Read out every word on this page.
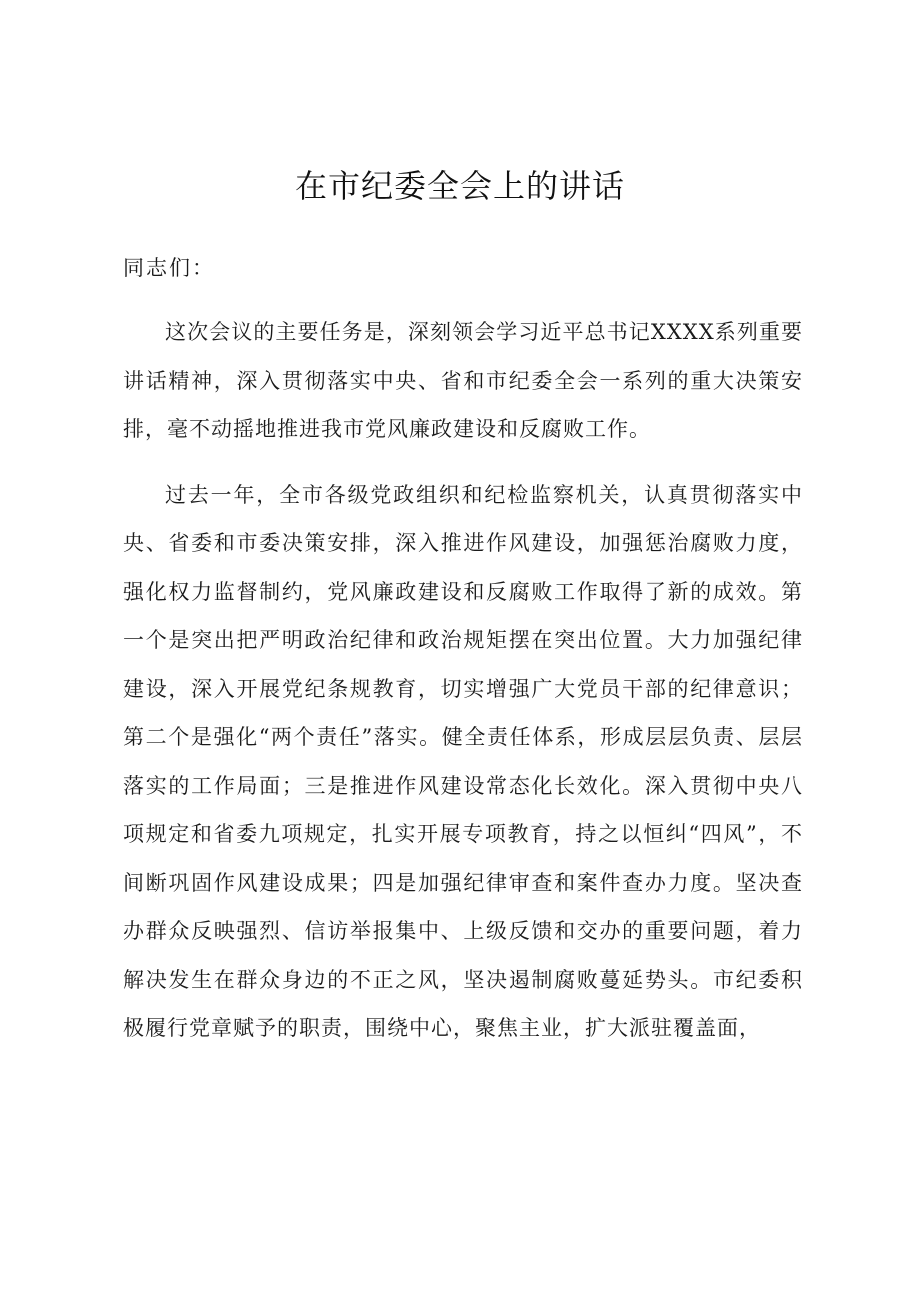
在市纪委全会上的讲话
同志们：

这次会议的主要任务是，深刻领会学习近平总书记XXXX系列重要讲话精神，深入贯彻落实中央、省和市纪委全会一系列的重大决策安排，毫不动摇地推进我市党风廉政建设和反腐败工作。

过去一年，全市各级党政组织和纪检监察机关，认真贯彻落实中央、省委和市委决策安排，深入推进作风建设，加强惩治腐败力度，强化权力监督制约，党风廉政建设和反腐败工作取得了新的成效。第一个是突出把严明政治纪律和政治规矩摆在突出位置。大力加强纪律建设，深入开展党纪条规教育，切实增强广大党员干部的纪律意识；第二个是强化“两个责任”落实。健全责任体系，形成层层负责、层层落实的工作局面；三是推进作风建设常态化长效化。深入贯彻中央八项规定和省委九项规定，扎实开展专项教育，持之以恒纠“四风”，不间断巩固作风建设成果；四是加强纪律审查和案件查办力度。坚决查办群众反映强烈、信访举报集中、上级反馈和交办的重要问题，着力解决发生在群众身边的不正之风，坚决遏制腐败蔓延势头。市纪委积极履行党章赋予的职责，围绕中心，聚焦主业，扩大派驻覆盖面，
